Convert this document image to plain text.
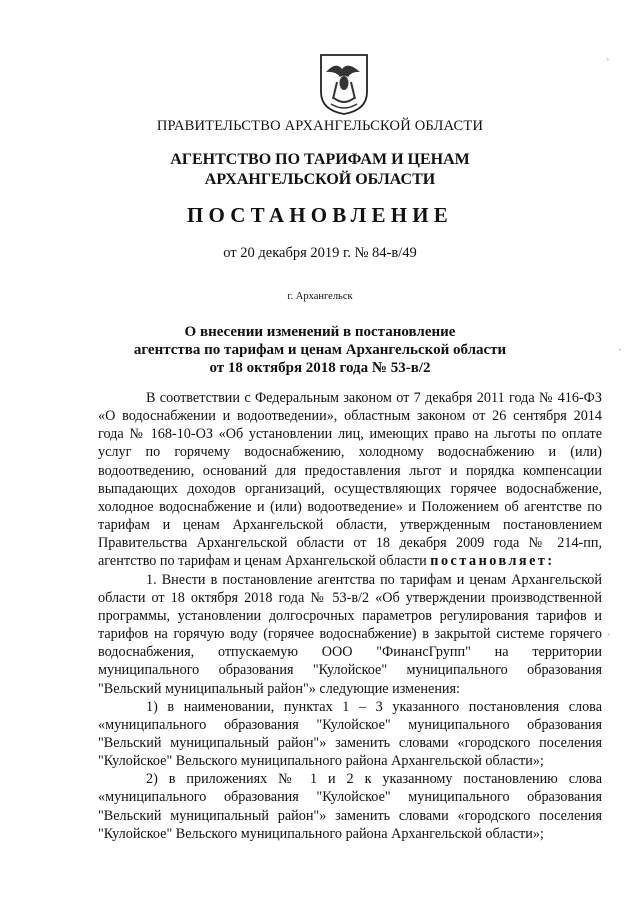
ПРАВИТЕЛЬСТВО АРХАНГЕЛЬСКОЙ ОБЛАСТИ
АГЕНТСТВО ПО ТАРИФАМ И ЦЕНАМ
АРХАНГЕЛЬСКОЙ ОБЛАСТИ
ПОСТАНОВЛЕНИЕ
от 20 декабря 2019 г. № 84-в/49
г. Архангельск
О внесении изменений в постановление
агентства по тарифам и ценам Архангельской области
от 18 октября 2018 года № 53-в/2

В соответствии с Федеральным законом от 7 декабря 2011 года № 416-ФЗ «О водоснабжении и водоотведении», областным законом от 26 сентября 2014 года № 168-10-ОЗ «Об установлении лиц, имеющих право на льготы по оплате услуг по горячему водоснабжению, холодному водоснабжению и (или) водоотведению, оснований для предоставления льгот и порядка компенсации выпадающих доходов организаций, осуществляющих горячее водоснабжение, холодное водоснабжение и (или) водоотведение» и Положением об агентстве по тарифам и ценам Архангельской области, утвержденным постановлением Правительства Архангельской области от 18 декабря 2009 года № 214-пп, агентство по тарифам и ценам Архангельской области постановляет:

1. Внести в постановление агентства по тарифам и ценам Архангельской области от 18 октября 2018 года № 53-в/2 «Об утверждении производственной программы, установлении долгосрочных параметров регулирования тарифов и тарифов на горячую воду (горячее водоснабжение) в закрытой системе горячего водоснабжения, отпускаемую ООО "ФинансГрупп" на территории муниципального образования "Кулойское" муниципального образования "Вельский муниципальный район"» следующие изменения:

1) в наименовании, пунктах 1 – 3 указанного постановления слова «муниципального образования "Кулойское" муниципального образования "Вельский муниципальный район"» заменить словами «городского поселения "Кулойское" Вельского муниципального района Архангельской области»;

2) в приложениях № 1 и 2 к указанному постановлению слова «муниципального образования "Кулойское" муниципального образования "Вельский муниципальный район"» заменить словами «городского поселения "Кулойское" Вельского муниципального района Архангельской области»;

ʾ
ʾ
ʾ
